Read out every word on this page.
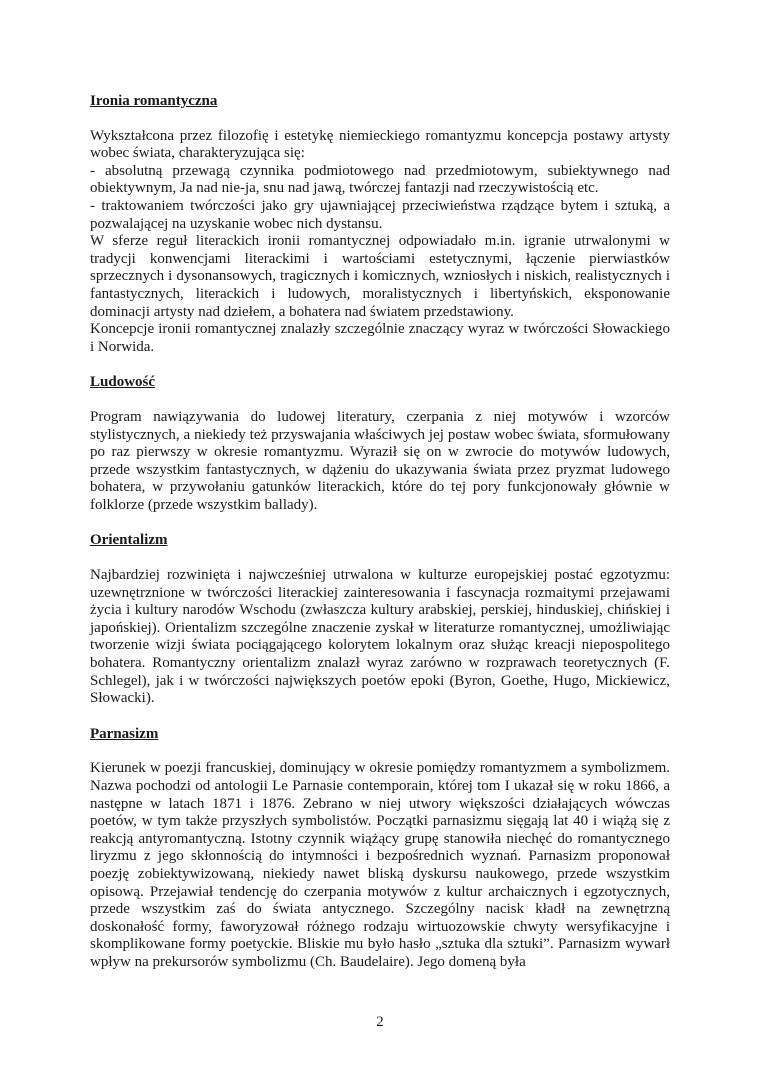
Ironia romantyczna

Wykształcona przez filozofię i estetykę niemieckiego romantyzmu koncepcja postawy artysty wobec świata, charakteryzująca się:

- absolutną przewagą czynnika podmiotowego nad przedmiotowym, subiektywnego nad obiektywnym, Ja nad nie-ja, snu nad jawą, twórczej fantazji nad rzeczywistością etc.

- traktowaniem twórczości jako gry ujawniającej przeciwieństwa rządzące bytem i sztuką, a pozwalającej na uzyskanie wobec nich dystansu.

W sferze reguł literackich ironii romantycznej odpowiadało m.in. igranie utrwalonymi w tradycji konwencjami literackimi i wartościami estetycznymi, łączenie pierwiastków sprzecznych i dysonansowych, tragicznych i komicznych, wzniosłych i niskich, realistycznych i fantastycznych, literackich i ludowych, moralistycznych i libertyńskich, eksponowanie dominacji artysty nad dziełem, a bohatera nad światem przedstawiony.

Koncepcje ironii romantycznej znalazły szczególnie znaczący wyraz w twórczości Słowackiego i Norwida.

Ludowość

Program nawiązywania do ludowej literatury, czerpania z niej motywów i wzorców stylistycznych, a niekiedy też przyswajania właściwych jej postaw wobec świata, sformułowany po raz pierwszy w okresie romantyzmu. Wyraził się on w zwrocie do motywów ludowych, przede wszystkim fantastycznych, w dążeniu do ukazywania świata przez pryzmat ludowego bohatera, w przywołaniu gatunków literackich, które do tej pory funkcjonowały głównie w folklorze (przede wszystkim ballady).

Orientalizm

Najbardziej rozwinięta i najwcześniej utrwalona w kulturze europejskiej postać egzotyzmu: uzewnętrznione w twórczości literackiej zainteresowania i fascynacja rozmaitymi przejawami życia i kultury narodów Wschodu (zwłaszcza kultury arabskiej, perskiej, hinduskiej, chińskiej i japońskiej). Orientalizm szczególne znaczenie zyskał w literaturze romantycznej, umożliwiając tworzenie wizji świata pociągającego kolorytem lokalnym oraz służąc kreacji niepospolitego bohatera. Romantyczny orientalizm znalazł wyraz zarówno w rozprawach teoretycznych (F. Schlegel), jak i w twórczości największych poetów epoki (Byron, Goethe, Hugo, Mickiewicz, Słowacki).

Parnasizm

Kierunek w poezji francuskiej, dominujący w okresie pomiędzy romantyzmem a symbolizmem. Nazwa pochodzi od antologii Le Parnasie contemporain, której tom I ukazał się w roku 1866, a następne w latach 1871 i 1876. Zebrano w niej utwory większości działających wówczas poetów, w tym także przyszłych symbolistów. Początki parnasizmu sięgają lat 40 i wiążą się z reakcją antyromantyczną. Istotny czynnik wiążący grupę stanowiła niechęć do romantycznego liryzmu z jego skłonnością do intymności i bezpośrednich wyznań. Parnasizm proponował poezję zobiektywizowaną, niekiedy nawet bliską dyskursu naukowego, przede wszystkim opisową. Przejawiał tendencję do czerpania motywów z kultur archaicznych i egzotycznych, przede wszystkim zaś do świata antycznego. Szczególny nacisk kładł na zewnętrzną doskonałość formy, faworyzował różnego rodzaju wirtuozowskie chwyty wersyfikacyjne i skomplikowane formy poetyckie. Bliskie mu było hasło „sztuka dla sztuki”. Parnasizm wywarł wpływ na prekursorów symbolizmu (Ch. Baudelaire). Jego domeną była

2
